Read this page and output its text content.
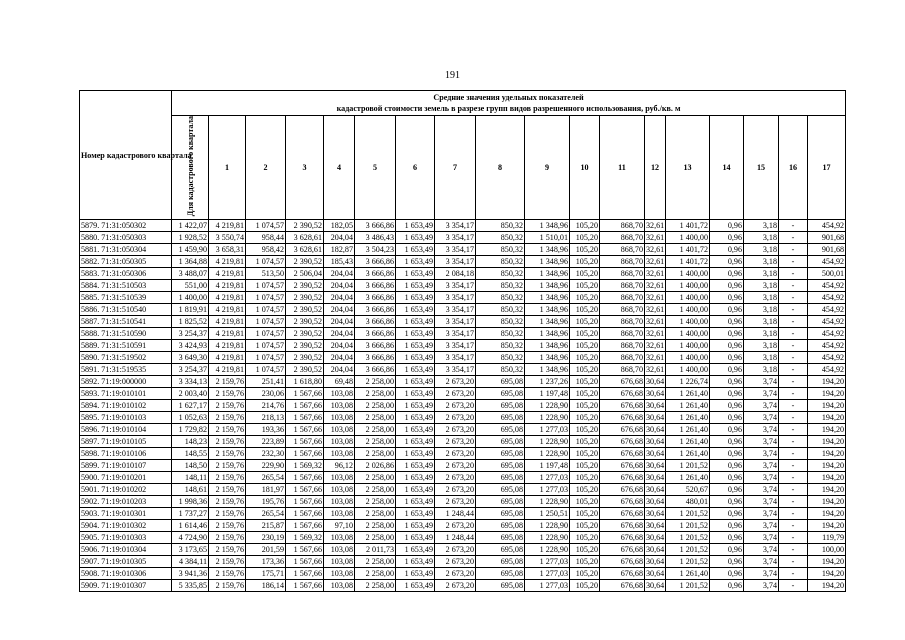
191
Номер кадастрового квартала	Средние значения удельных показателей
кадастровой стоимости земель в разрезе групп видов разрешенного использования, руб./кв. м																	

	Для кадастрового квартала	1	2	3	4	5	6	7	8	9	10	11	12	13	14	15	16	17
5879. 71:31:050302	1 422,07	4 219,81	1 074,57	2 390,52	182,05	3 666,86	1 653,49	3 354,17	850,32	1 348,96	105,20	868,70	32,61	1 401,72	0,96	3,18	-	454,92
5880. 71:31:050303	1 928,52	3 550,74	958,44	3 628,61	204,04	3 486,43	1 653,49	3 354,17	850,32	1 510,01	105,20	868,70	32,61	1 400,00	0,96	3,18	-	901,68
5881. 71:31:050304	1 459,90	3 658,31	958,42	3 628,61	182,87	3 504,23	1 653,49	3 354,17	850,32	1 348,96	105,20	868,70	32,61	1 401,72	0,96	3,18	-	901,68
5882. 71:31:050305	1 364,88	4 219,81	1 074,57	2 390,52	185,43	3 666,86	1 653,49	3 354,17	850,32	1 348,96	105,20	868,70	32,61	1 401,72	0,96	3,18	-	454,92
5883. 71:31:050306	3 488,07	4 219,81	513,50	2 506,04	204,04	3 666,86	1 653,49	2 084,18	850,32	1 348,96	105,20	868,70	32,61	1 400,00	0,96	3,18	-	500,01
5884. 71:31:510503	551,00	4 219,81	1 074,57	2 390,52	204,04	3 666,86	1 653,49	3 354,17	850,32	1 348,96	105,20	868,70	32,61	1 400,00	0,96	3,18	-	454,92
5885. 71:31:510539	1 400,00	4 219,81	1 074,57	2 390,52	204,04	3 666,86	1 653,49	3 354,17	850,32	1 348,96	105,20	868,70	32,61	1 400,00	0,96	3,18	-	454,92
5886. 71:31:510540	1 819,91	4 219,81	1 074,57	2 390,52	204,04	3 666,86	1 653,49	3 354,17	850,32	1 348,96	105,20	868,70	32,61	1 400,00	0,96	3,18	-	454,92
5887. 71:31:510541	1 825,52	4 219,81	1 074,57	2 390,52	204,04	3 666,86	1 653,49	3 354,17	850,32	1 348,96	105,20	868,70	32,61	1 400,00	0,96	3,18	-	454,92
5888. 71:31:510590	3 254,37	4 219,81	1 074,57	2 390,52	204,04	3 666,86	1 653,49	3 354,17	850,32	1 348,96	105,20	868,70	32,61	1 400,00	0,96	3,18	-	454,92
5889. 71:31:510591	3 424,93	4 219,81	1 074,57	2 390,52	204,04	3 666,86	1 653,49	3 354,17	850,32	1 348,96	105,20	868,70	32,61	1 400,00	0,96	3,18	-	454,92
5890. 71:31:519502	3 649,30	4 219,81	1 074,57	2 390,52	204,04	3 666,86	1 653,49	3 354,17	850,32	1 348,96	105,20	868,70	32,61	1 400,00	0,96	3,18	-	454,92
5891. 71:31:519535	3 254,37	4 219,81	1 074,57	2 390,52	204,04	3 666,86	1 653,49	3 354,17	850,32	1 348,96	105,20	868,70	32,61	1 400,00	0,96	3,18	-	454,92
5892. 71:19:000000	3 334,13	2 159,76	251,41	1 618,80	69,48	2 258,00	1 653,49	2 673,20	695,08	1 237,26	105,20	676,68	30,64	1 226,74	0,96	3,74	-	194,20
5893. 71:19:010101	2 003,40	2 159,76	230,06	1 567,66	103,08	2 258,00	1 653,49	2 673,20	695,08	1 197,48	105,20	676,68	30,64	1 261,40	0,96	3,74	-	194,20
5894. 71:19:010102	1 627,17	2 159,76	214,76	1 567,66	103,08	2 258,00	1 653,49	2 673,20	695,08	1 228,90	105,20	676,68	30,64	1 261,40	0,96	3,74	-	194,20
5895. 71:19:010103	1 052,63	2 159,76	218,13	1 567,66	103,08	2 258,00	1 653,49	2 673,20	695,08	1 228,90	105,20	676,68	30,64	1 261,40	0,96	3,74	-	194,20
5896. 71:19:010104	1 729,82	2 159,76	193,36	1 567,66	103,08	2 258,00	1 653,49	2 673,20	695,08	1 277,03	105,20	676,68	30,64	1 261,40	0,96	3,74	-	194,20
5897. 71:19:010105	148,23	2 159,76	223,89	1 567,66	103,08	2 258,00	1 653,49	2 673,20	695,08	1 228,90	105,20	676,68	30,64	1 261,40	0,96	3,74	-	194,20
5898. 71:19:010106	148,55	2 159,76	232,30	1 567,66	103,08	2 258,00	1 653,49	2 673,20	695,08	1 228,90	105,20	676,68	30,64	1 261,40	0,96	3,74	-	194,20
5899. 71:19:010107	148,50	2 159,76	229,90	1 569,32	96,12	2 026,86	1 653,49	2 673,20	695,08	1 197,48	105,20	676,68	30,64	1 201,52	0,96	3,74	-	194,20
5900. 71:19:010201	148,11	2 159,76	265,54	1 567,66	103,08	2 258,00	1 653,49	2 673,20	695,08	1 277,03	105,20	676,68	30,64	1 261,40	0,96	3,74	-	194,20
5901. 71:19:010202	148,61	2 159,76	181,97	1 567,66	103,08	2 258,00	1 653,49	2 673,20	695,08	1 277,03	105,20	676,68	30,64	520,67	0,96	3,74	-	194,20
5902. 71:19:010203	1 998,36	2 159,76	195,76	1 567,66	103,08	2 258,00	1 653,49	2 673,20	695,08	1 228,90	105,20	676,68	30,64	480,01	0,96	3,74	-	194,20
5903. 71:19:010301	1 737,27	2 159,76	265,54	1 567,66	103,08	2 258,00	1 653,49	1 248,44	695,08	1 250,51	105,20	676,68	30,64	1 201,52	0,96	3,74	-	194,20
5904. 71:19:010302	1 614,46	2 159,76	215,87	1 567,66	97,10	2 258,00	1 653,49	2 673,20	695,08	1 228,90	105,20	676,68	30,64	1 201,52	0,96	3,74	-	194,20
5905. 71:19:010303	4 724,90	2 159,76	230,19	1 569,32	103,08	2 258,00	1 653,49	1 248,44	695,08	1 228,90	105,20	676,68	30,64	1 201,52	0,96	3,74	-	119,79
5906. 71:19:010304	3 173,65	2 159,76	201,59	1 567,66	103,08	2 011,73	1 653,49	2 673,20	695,08	1 228,90	105,20	676,68	30,64	1 201,52	0,96	3,74	-	100,00
5907. 71:19:010305	4 384,11	2 159,76	173,36	1 567,66	103,08	2 258,00	1 653,49	2 673,20	695,08	1 277,03	105,20	676,68	30,64	1 201,52	0,96	3,74	-	194,20
5908. 71:19:010306	3 941,36	2 159,76	175,71	1 567,66	103,08	2 258,00	1 653,49	2 673,20	695,08	1 277,03	105,20	676,68	30,64	1 261,40	0,96	3,74	-	194,20
5909. 71:19:010307	5 335,85	2 159,76	186,14	1 567,66	103,08	2 258,00	1 653,49	2 673,20	695,08	1 277,03	105,20	676,68	30,64	1 201,52	0,96	3,74	-	194,20
